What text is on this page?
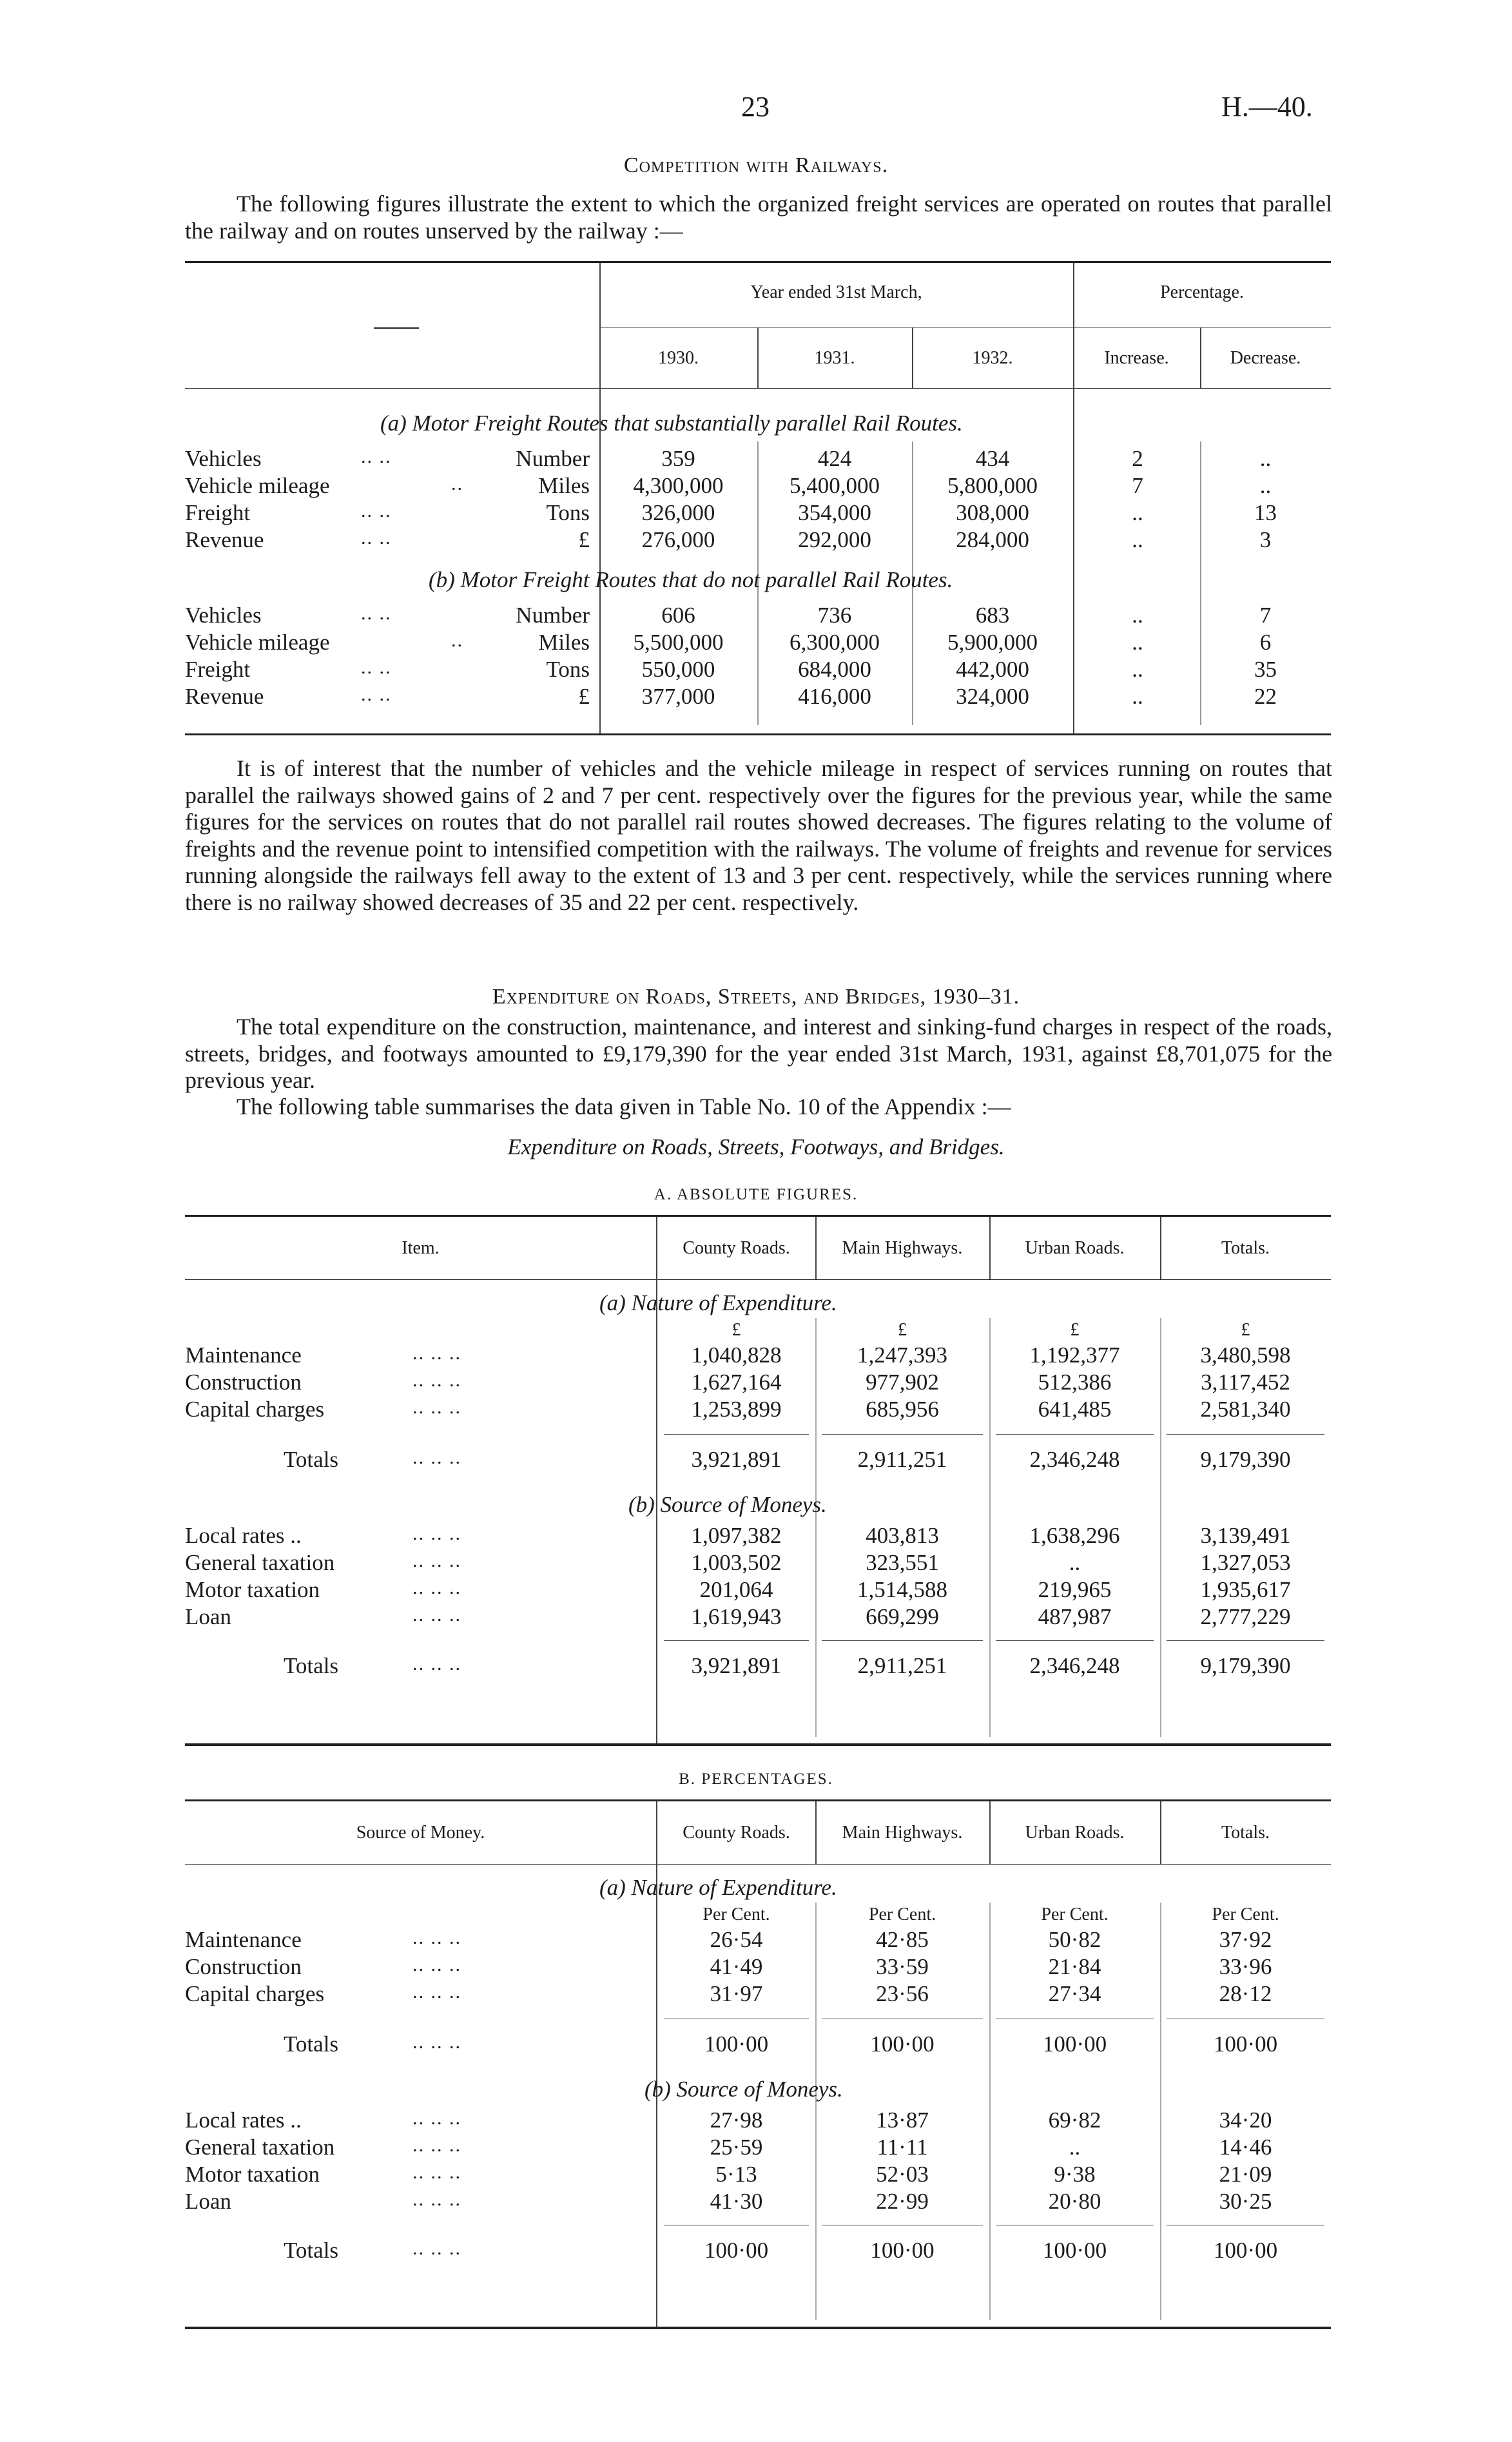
23	H.—40.
Competition with Railways.

The following figures illustrate the extent to which the organized freight services are operated on routes that parallel the railway and on routes unserved by the railway :—

Year ended 31st March,	Percentage.
1930.	1931.	1932.	Increase.	Decrease.
(a) Motor Freight Routes that substantially parallel Rail Routes.
(b) Motor Freight Routes that do not parallel Rail Routes.
Vehicles	.. ..	Number	359	424	434	2	..
Vehicle mileage	..	Miles	4,300,000	5,400,000	5,800,000	7	..
Freight	.. ..	Tons	326,000	354,000	308,000	..	13
Revenue	.. ..	£	276,000	292,000	284,000	..	3
Vehicles	.. ..	Number	606	736	683	..	7
Vehicle mileage	..	Miles	5,500,000	6,300,000	5,900,000	..	6
Freight	.. ..	Tons	550,000	684,000	442,000	..	35
Revenue	.. ..	£	377,000	416,000	324,000	..	22

It is of interest that the number of vehicles and the vehicle mileage in respect of services running on routes that parallel the railways showed gains of 2 and 7 per cent. respectively over the figures for the previous year, while the same figures for the services on routes that do not parallel rail routes showed decreases. The figures relating to the volume of freights and the revenue point to intensified competition with the railways. The volume of freights and revenue for services running alongside the railways fell away to the extent of 13 and 3 per cent. respectively, while the services running where there is no railway showed decreases of 35 and 22 per cent. respectively.

Expenditure on Roads, Streets, and Bridges, 1930–31.

The total expenditure on the construction, maintenance, and interest and sinking-fund charges in respect of the roads, streets, bridges, and footways amounted to £9,179,390 for the year ended 31st March, 1931, against £8,701,075 for the previous year.

The following table summarises the data given in Table No. 10 of the Appendix :—

Expenditure on Roads, Streets, Footways, and Bridges.
A. ABSOLUTE FIGURES.
Item.	County Roads.	Main Highways.	Urban Roads.	Totals.
(a) Nature of Expenditure.
£	£	£	£
Maintenance	.. .. ..	1,040,828	1,247,393	1,192,377	3,480,598
Construction	.. .. ..	1,627,164	977,902	512,386	3,117,452
Capital charges	.. .. ..	1,253,899	685,956	641,485	2,581,340
Totals	.. .. ..	3,921,891	2,911,251	2,346,248	9,179,390
(b) Source of Moneys.
Local rates ..	.. .. ..	1,097,382	403,813	1,638,296	3,139,491
General taxation	.. .. ..	1,003,502	323,551	..	1,327,053
Motor taxation	.. .. ..	201,064	1,514,588	219,965	1,935,617
Loan	.. .. ..	1,619,943	669,299	487,987	2,777,229
Totals	.. .. ..	3,921,891	2,911,251	2,346,248	9,179,390
B. PERCENTAGES.
Source of Money.	County Roads.	Main Highways.	Urban Roads.	Totals.
(a) Nature of Expenditure.
Per Cent.	Per Cent.	Per Cent.	Per Cent.
Maintenance	.. .. ..	26·54	42·85	50·82	37·92
Construction	.. .. ..	41·49	33·59	21·84	33·96
Capital charges	.. .. ..	31·97	23·56	27·34	28·12
Totals	.. .. ..	100·00	100·00	100·00	100·00
(b) Source of Moneys.
Local rates ..	.. .. ..	27·98	13·87	69·82	34·20
General taxation	.. .. ..	25·59	11·11	..	14·46
Motor taxation	.. .. ..	5·13	52·03	9·38	21·09
Loan	.. .. ..	41·30	22·99	20·80	30·25
Totals	.. .. ..	100·00	100·00	100·00	100·00
